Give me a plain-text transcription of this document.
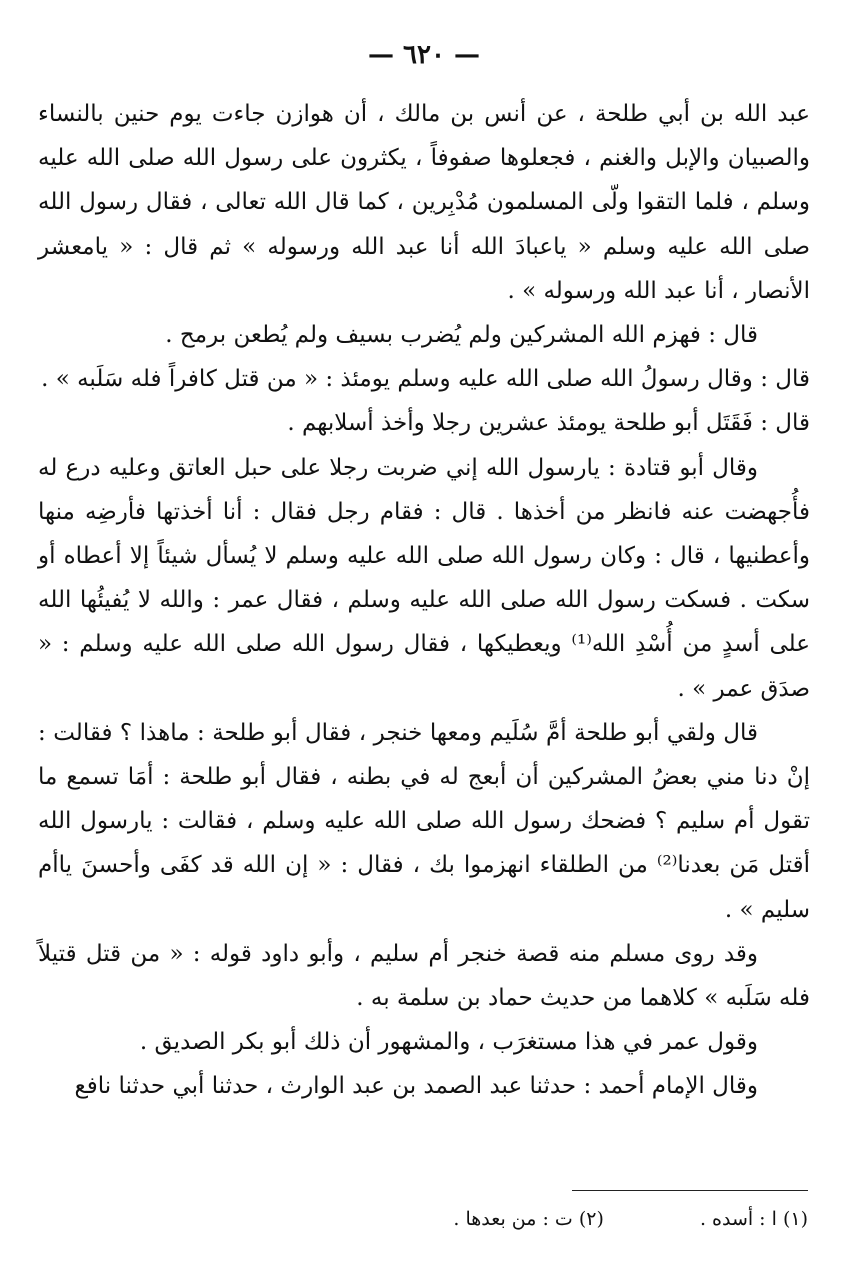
— ٦٢٠ —

عبد الله بن أبي طلحة ، عن أنس بن مالك ، أن هوازن جاءت يوم حنين بالنساء والصبيان والإبل والغنم ، فجعلوها صفوفاً ، يكثرون على رسول الله صلى الله عليه وسلم ، فلما التقوا ولّى المسلمون مُدْبِرين ، كما قال الله تعالى ، فقال رسول الله صلى الله عليه وسلم « ياعبادَ الله أنا عبد الله ورسوله » ثم قال : « يامعشر الأنصار ، أنا عبد الله ورسوله » .

قال : فهزم الله المشركين ولم يُضرب بسيف ولم يُطعن برمح .

قال : وقال رسولُ الله صلى الله عليه وسلم يومئذ : « من قتل كافراً فله سَلَبه » .

قال : فَقَتَل أبو طلحة يومئذ عشرين رجلا وأخذ أسلابهم .

وقال أبو قتادة : يارسول الله إني ضربت رجلا على حبل العاتق وعليه درع له فأُجهضت عنه فانظر من أخذها . قال : فقام رجل فقال : أنا أخذتها فأرضِه منها وأعطنيها ، قال : وكان رسول الله صلى الله عليه وسلم لا يُسأل شيئاً إلا أعطاه أو سكت . فسكت رسول الله صلى الله عليه وسلم ، فقال عمر : والله لا يُفيئُها الله على أسدٍ من أُسْدِ الله⁽¹⁾ ويعطيكها ، فقال رسول الله صلى الله عليه وسلم : « صدَق عمر » .

قال ولقي أبو طلحة أمَّ سُلَيم ومعها خنجر ، فقال أبو طلحة : ماهذا ؟ فقالت : إنْ دنا مني بعضُ المشركين أن أبعج له في بطنه ، فقال أبو طلحة : أمَا تسمع ما تقول أم سليم ؟ فضحك رسول الله صلى الله عليه وسلم ، فقالت : يارسول الله أقتل مَن بعدنا⁽²⁾ من الطلقاء انهزموا بك ، فقال : « إن الله قد كفَى وأحسنَ ياأم سليم » .

وقد روى مسلم منه قصة خنجر أم سليم ، وأبو داود قوله : « من قتل قتيلاً فله سَلَبه » كلاهما من حديث حماد بن سلمة به .

وقول عمر في هذا مستغرَب ، والمشهور أن ذلك أبو بكر الصديق .

وقال الإمام أحمد : حدثنا عبد الصمد بن عبد الوارث ، حدثنا أبي حدثنا نافع

(١) ا : أسده . (٢) ت : من بعدها .
